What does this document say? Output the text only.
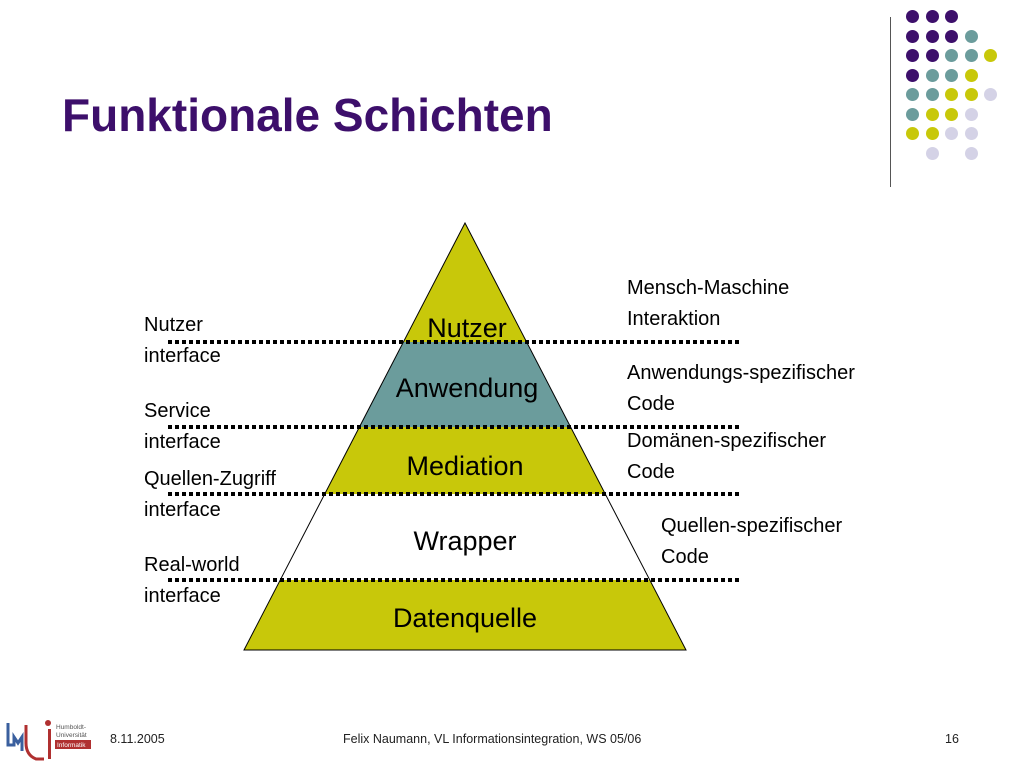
Funktionale Schichten
Nutzer
Anwendung
Mediation
Wrapper
Datenquelle
Nutzer
interface
Service
interface
Quellen-Zugriff
interface
Real-world
interface
Mensch-Maschine
Interaktion
Anwendungs-spezifischer
Code
Domänen-spezifischer
Code
Quellen-spezifischer
Code
Humboldt-
Universität
Informatik 8.11.2005	Felix Naumann, VL Informationsintegration, WS 05/06	16
